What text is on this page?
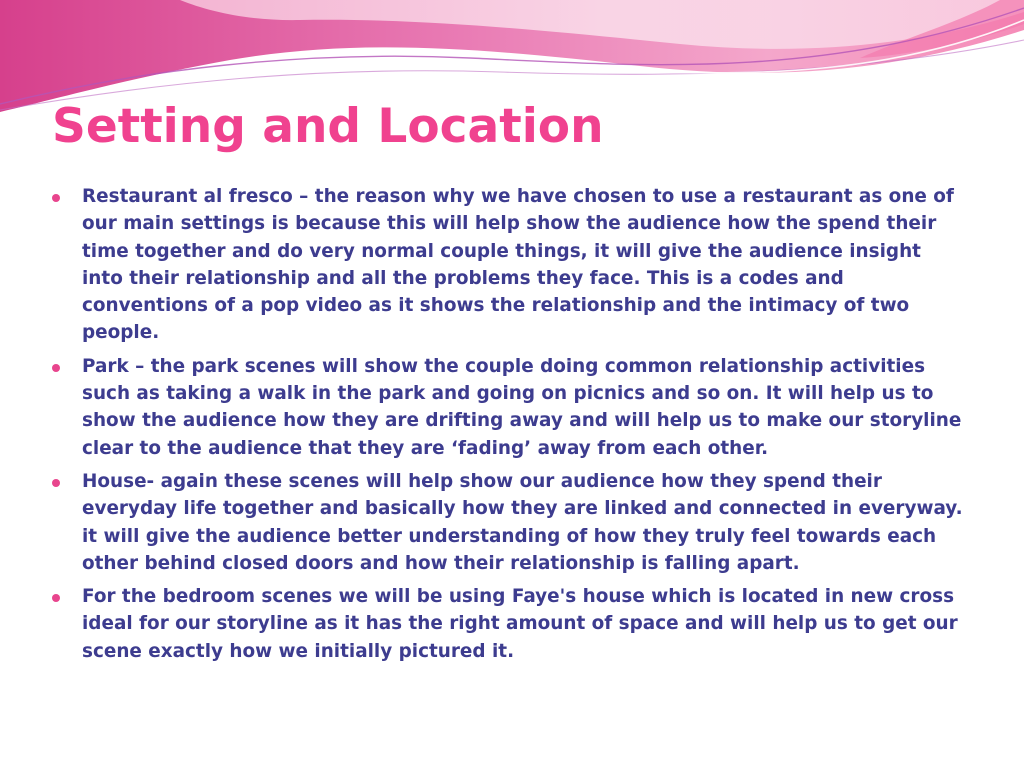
Setting and Location
Restaurant al fresco – the reason why we have chosen to use a restaurant as one of our main settings is because this will help show the audience how the spend their time together and do very normal couple things, it will give the audience insight into their relationship and all the problems they face. This is a codes and conventions of a pop video as it shows the relationship and the intimacy of two people.
Park – the park scenes will show the couple doing common relationship activities such as taking a walk in the park and going on picnics and so on. It will help us to show the audience how they are drifting away and will help us to make our storyline clear to the audience that they are ‘fading’ away from each other.
House- again these scenes will help show our audience how they spend their everyday life together and basically how they are linked and connected in everyway. it will give the audience better understanding of how they truly feel towards each other behind closed doors and how their relationship is falling apart.
For the bedroom scenes we will be using Faye's house which is located in new cross ideal for our storyline as it has the right amount of space and will help us to get our scene exactly how we initially pictured it.
